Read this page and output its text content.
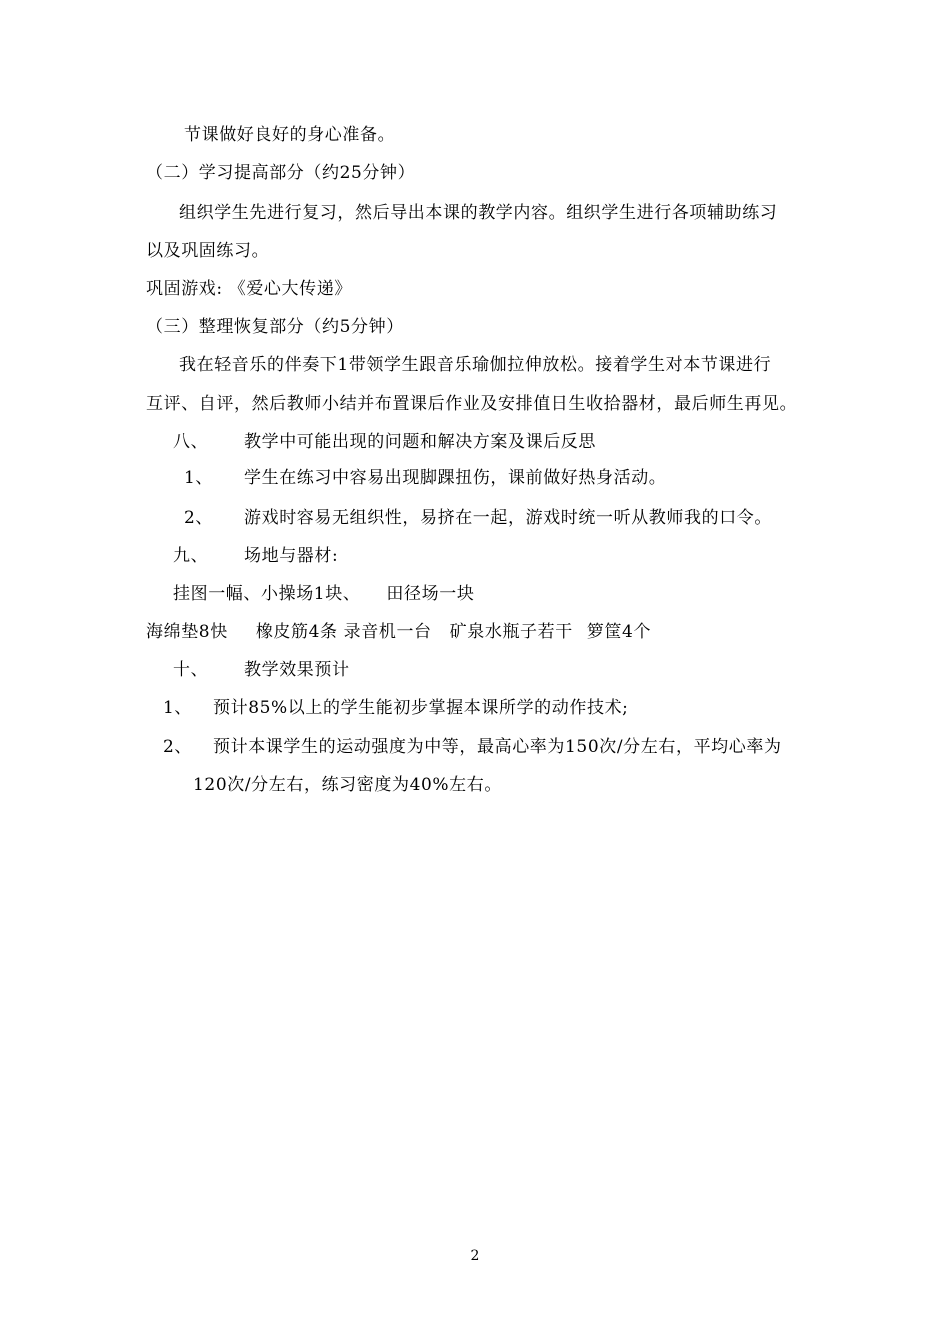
节课做好良好的身心准备。
（二）学习提高部分（约25分钟）
组织学生先进行复习，然后导出本课的教学内容。组织学生进行各项辅助练习
以及巩固练习。
巩固游戏: 《爱心大传递》
（三）整理恢复部分（约5分钟）
我在轻音乐的伴奏下1带领学生跟音乐瑜伽拉伸放松。接着学生对本节课进行
互评、自评，然后教师小结并布置课后作业及安排值日生收拾器材，最后师生再见。
八、 教学中可能出现的问题和解决方案及课后反思
1、 学生在练习中容易出现脚踝扭伤，课前做好热身活动。
2、 游戏时容易无组织性，易挤在一起，游戏时统一听从教师我的口令。
九、 场地与器材:
挂图一幅、小操场1块、 田径场一块
海绵垫8快 橡皮筋4条 录音机一台 矿泉水瓶子若干 箩筐4个
十、 教学效果预计
1、 预计85%以上的学生能初步掌握本课所学的动作技术;
2、 预计本课学生的运动强度为中等，最高心率为150次/分左右，平均心率为
120次/分左右，练习密度为40%左右。
2
